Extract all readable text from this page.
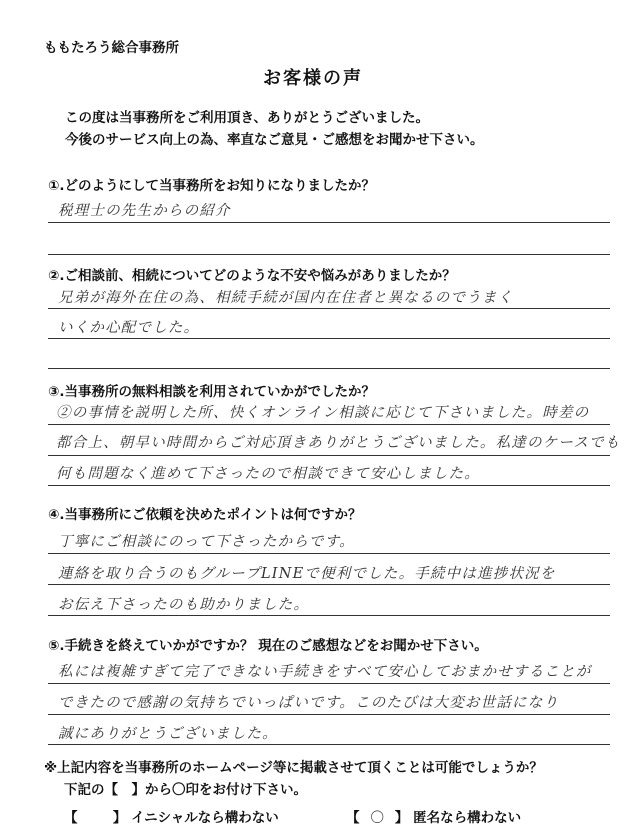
ももたろう総合事務所
お客様の声
この度は当事務所をご利用頂き、ありがとうございました。
今後のサービス向上の為、率直なご意見・ご感想をお聞かせ下さい。
①.どのようにして当事務所をお知りになりましたか？
税理士の先生からの紹介
②.ご相談前、相続についてどのような不安や悩みがありましたか？
兄弟が海外在住の為、相続手続が国内在住者と異なるのでうまく
いくか心配でした。
③.当事務所の無料相談を利用されていかがでしたか？
②の事情を説明した所、快くオンライン相談に応じて下さいました。時差の
都合上、朝早い時間からご対応頂きありがとうございました。私達のケースでも
何も問題なく進めて下さったので相談できて安心しました。
④.当事務所にご依頼を決めたポイントは何ですか？
丁寧にご相談にのって下さったからです。
連絡を取り合うのもグループLINEで便利でした。手続中は進捗状況を
お伝え下さったのも助かりました。
⑤.手続きを終えていかがですか？ 現在のご感想などをお聞かせ下さい。
私には複雑すぎて完了できない手続きをすべて安心しておまかせすることが
できたので感謝の気持ちでいっぱいです。このたびは大変お世話になり
誠にありがとうございました。
※上記内容を当事務所のホームページ等に掲載させて頂くことは可能でしょうか？
下記の【　】から〇印をお付け下さい。
【	】 イニシャルなら構わない	【 〇 】 匿名なら構わない
